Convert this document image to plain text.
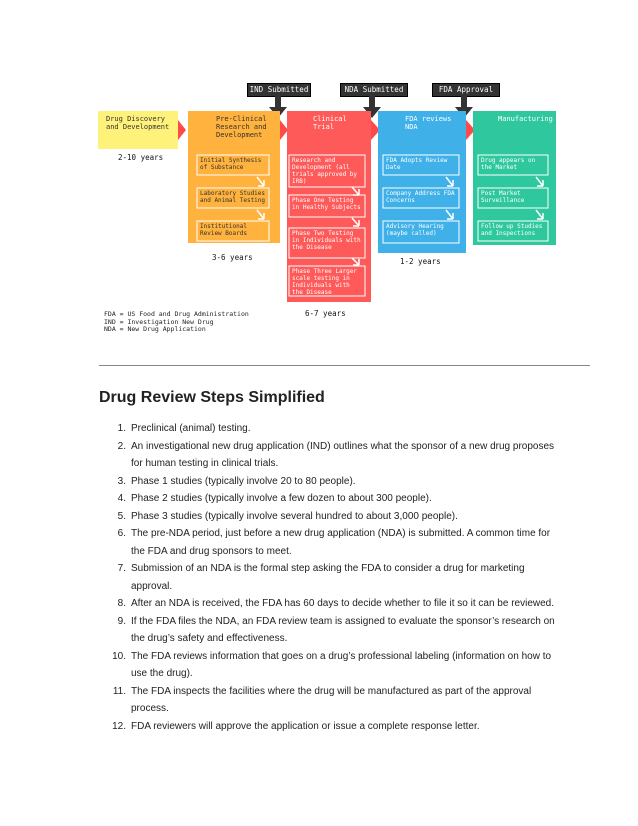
IND Submitted	NDA Submitted	FDA Approval
Drug Discovery and Development
Pre-Clinical Research and Development
Clinical Trial
FDA reviews NDA
Manufacturing
2-10 years
3-6 years
6-7 years
1-2 years
Initial Synthesis of Substance
Laboratory Studies and Animal Testing
Institutional Review Boards
Research and Development (all trials approved by IRB)
Phase One Testing in Healthy Subjects
Phase Two Testing in Individuals with the Disease
Phase Three Larger scale testing in Individuals with the Disease
FDA Adopts Review Date
Company Address FDA Concerns
Advisory Hearing (maybe called)
Drug appears on the Market
Post Market Surveillance
Follow up Studies and Inspections
FDA = US Food and Drug Administration
IND = Investigation New Drug
NDA = New Drug Application
Drug Review Steps Simplified
1. Preclinical (animal) testing.
2. An investigational new drug application (IND) outlines what the sponsor of a new drug proposes for human testing in clinical trials.
3. Phase 1 studies (typically involve 20 to 80 people).
4. Phase 2 studies (typically involve a few dozen to about 300 people).
5. Phase 3 studies (typically involve several hundred to about 3,000 people).
6. The pre-NDA period, just before a new drug application (NDA) is submitted. A common time for the FDA and drug sponsors to meet.
7. Submission of an NDA is the formal step asking the FDA to consider a drug for marketing approval.
8. After an NDA is received, the FDA has 60 days to decide whether to file it so it can be reviewed.
9. If the FDA files the NDA, an FDA review team is assigned to evaluate the sponsor’s research on the drug’s safety and effectiveness.
10. The FDA reviews information that goes on a drug’s professional labeling (information on how to use the drug).
11. The FDA inspects the facilities where the drug will be manufactured as part of the approval process.
12. FDA reviewers will approve the application or issue a complete response letter.
